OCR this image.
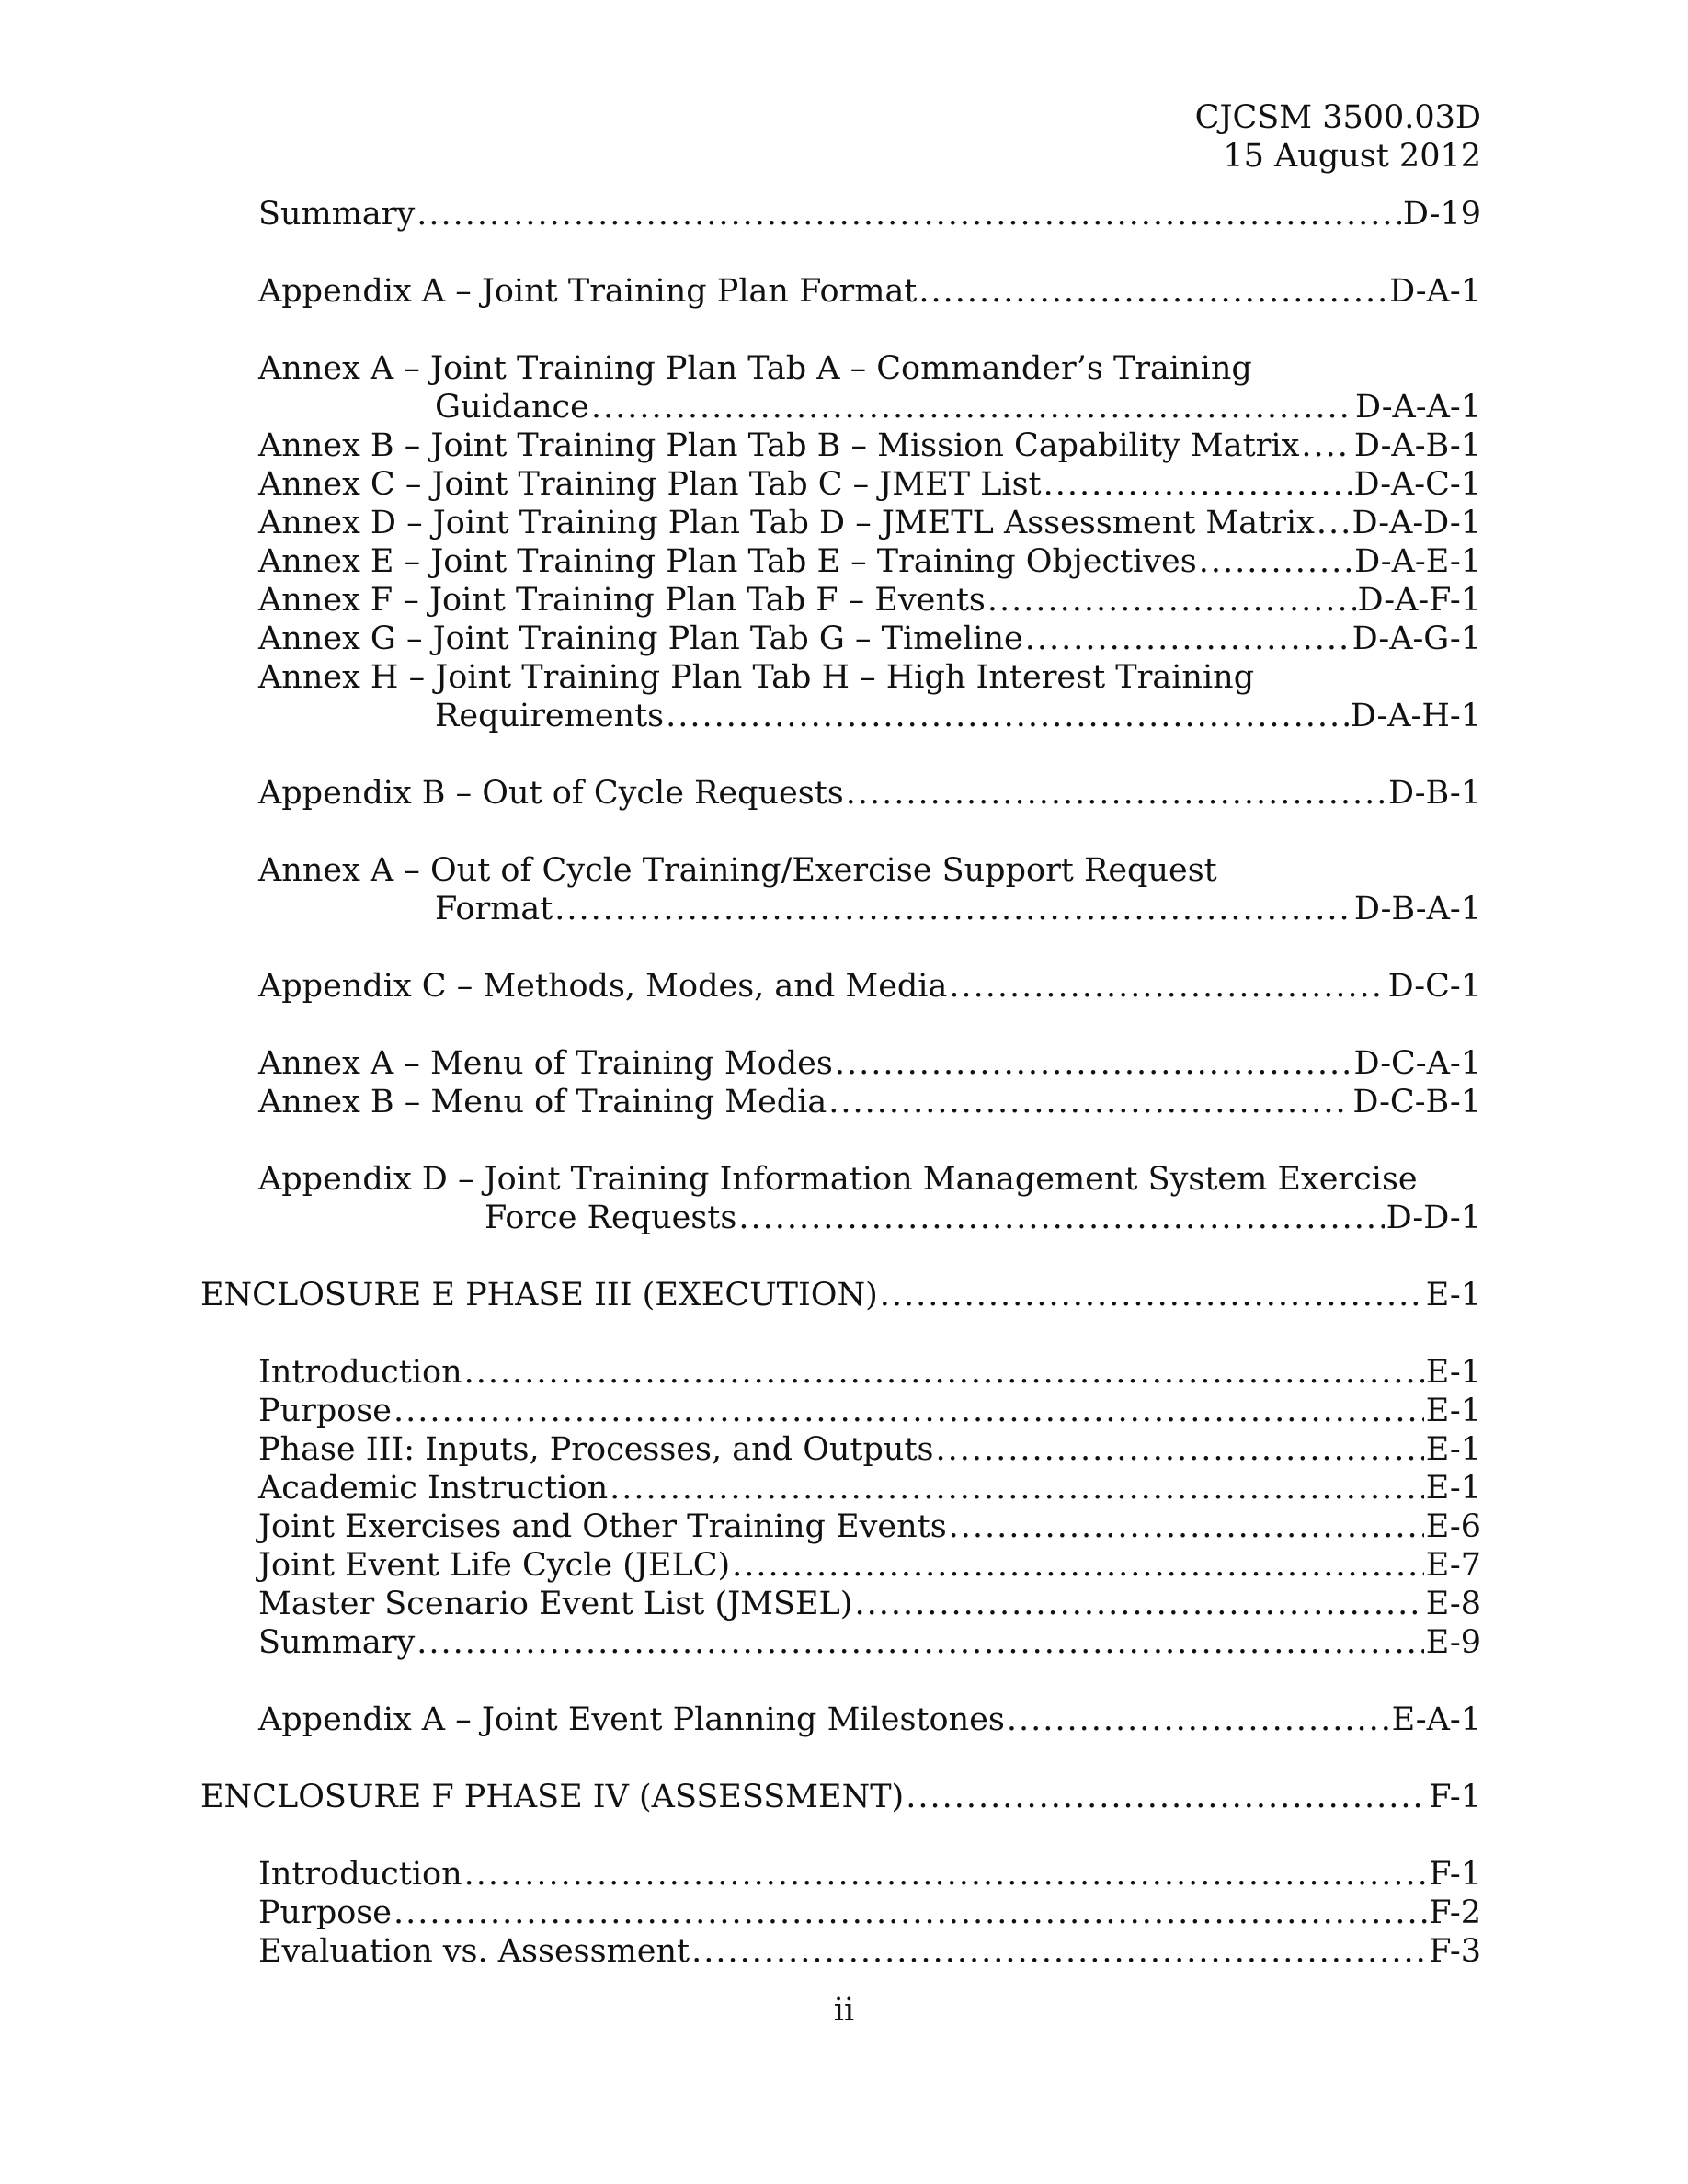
CJCSM 3500.03D
15 August 2012
Summary .....	D-19
Appendix A – Joint Training Plan Format .....	D-A-1
Annex A – Joint Training Plan Tab A – Commander’s Training
Guidance .....	D-A-A-1
Annex B – Joint Training Plan Tab B – Mission Capability Matrix ..... D-A-B-1
Annex C – Joint Training Plan Tab C – JMET List .....	D-A-C-1
Annex D – Joint Training Plan Tab D – JMETL Assessment Matrix ..... D-A-D-1
Annex E – Joint Training Plan Tab E – Training Objectives .....	D-A-E-1
Annex F – Joint Training Plan Tab F – Events .....	D-A-F-1
Annex G – Joint Training Plan Tab G – Timeline .....	D-A-G-1
Annex H – Joint Training Plan Tab H – High Interest Training
Requirements .....	D-A-H-1
Appendix B – Out of Cycle Requests .....	D-B-1
Annex A – Out of Cycle Training/Exercise Support Request
Format .....	D-B-A-1
Appendix C – Methods, Modes, and Media .....	D-C-1
Annex A – Menu of Training Modes .....	D-C-A-1
Annex B – Menu of Training Media .....	D-C-B-1
Appendix D – Joint Training Information Management System Exercise
Force Requests .....	D-D-1
ENCLOSURE E PHASE III (EXECUTION) .....	E-1
Introduction .....	E-1
Purpose .....	E-1
Phase III: Inputs, Processes, and Outputs .....	E-1
Academic Instruction .....	E-1
Joint Exercises and Other Training Events .....	E-6
Joint Event Life Cycle (JELC) .....	E-7
Master Scenario Event List (JMSEL) .....	E-8
Summary .....	E-9
Appendix A – Joint Event Planning Milestones .....	E-A-1
ENCLOSURE F PHASE IV (ASSESSMENT) .....	F-1
Introduction .....	F-1
Purpose .....	F-2
Evaluation vs. Assessment .....	F-3
ii
